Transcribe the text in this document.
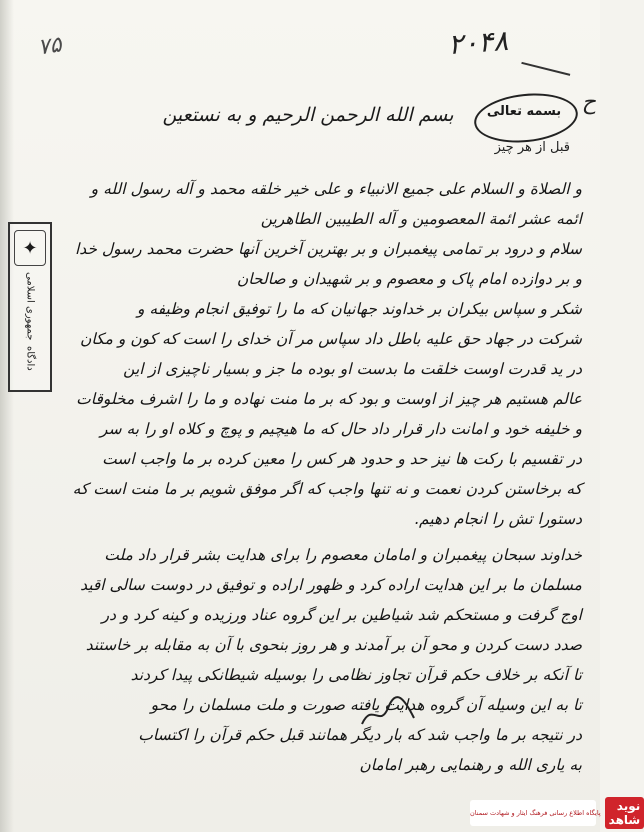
۷۵	۲۰۴۸
ح
بسمه تعالی
بسم الله الرحمن الرحیم و به نستعین
قبل از هر چیز
✦
جمهوری اسلامی
دادگاه
و الصلاة و السلام علی جمیع الانبیاء و علی خیر خلقه محمد و آله رسول الله و
ائمه عشر ائمة المعصومین و آله الطیبین الطاهرین
سلام و درود بر تمامی پیغمبران و بر بهترین آخرین آنها حضرت محمد رسول خدا
و بر دوازده امام پاک و معصوم و بر شهیدان و صالحان
شکر و سپاس بیکران بر خداوند جهانیان که ما را توفیق انجام وظیفه و
شرکت در جهاد حق علیه باطل داد سپاس مر آن خدای را است که کون و مکان
در ید قدرت اوست خلقت ما بدست او بوده ما جز و بسیار ناچیزی از این
عالم هستیم هر چیز از اوست و بود که بر ما منت نهاده و ما را اشرف مخلوقات
و خلیفه خود و امانت دار قرار داد حال که ما هیچیم و پوچ و کلاه او را به سر
در تقسیم با رکت ها نیز حد و حدود هر کس را معین کرده بر ما واجب است
که برخاستن کردن نعمت و نه تنها واجب که اگر موفق شویم بر ما منت است که
دستورا تش را انجام دهیم.
خداوند سبحان پیغمبران و امامان معصوم را برای هدایت بشر قرار داد ملت
مسلمان ما بر این هدایت اراده کرد و ظهور اراده و توفیق در دوست سالی اقید
اوج گرفت و مستحکم شد شیاطین بر این گروه عناد ورزیده و کینه کرد و در
صدد دست کردن و محو آن بر آمدند و هر روز بنحوی با آن به مقابله بر خاستند
تا آنکه بر خلاف حکم قرآن تجاوز نظامی را بوسیله شیطانکی پیدا کردند
تا به این وسیله آن گروه هدایت یافته صورت و ملت مسلمان را محو
در نتیجه بر ما واجب شد که بار دیگر همانند قبل حکم قرآن را اکتساب
به یاری الله و رهنمایی رهبر امامان
نوید شاهد
پایگاه اطلاع رسانی فرهنگ ایثار و شهادت سمنان
